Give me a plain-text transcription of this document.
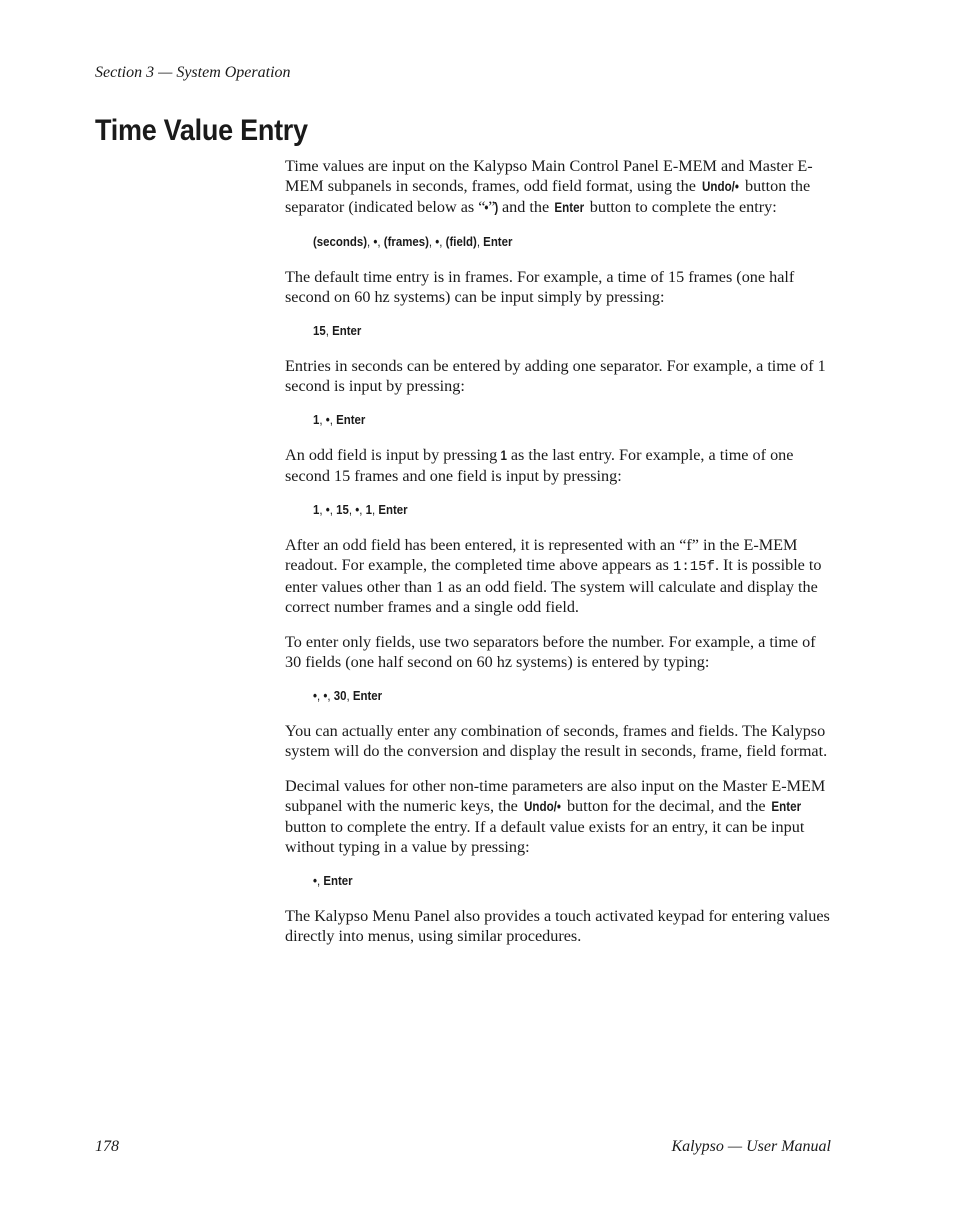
Section 3 — System Operation
Time Value Entry

Time values are input on the Kalypso Main Control Panel E-MEM and Master E-MEM subpanels in seconds, frames, odd field format, using the Undo/• button the separator (indicated below as “•”) and the Enter button to complete the entry:

(seconds), •, (frames), •, (field), Enter

The default time entry is in frames. For example, a time of 15 frames (one half second on 60 hz systems) can be input simply by pressing:

15, Enter

Entries in seconds can be entered by adding one separator. For example, a time of 1 second is input by pressing:

1, •, Enter

An odd field is input by pressing 1 as the last entry. For example, a time of one second 15 frames and one field is input by pressing:

1, •, 15, •, 1, Enter

After an odd field has been entered, it is represented with an “f” in the E-MEM readout. For example, the completed time above appears as 1:15f. It is possible to enter values other than 1 as an odd field. The system will calculate and display the correct number frames and a single odd field.

To enter only fields, use two separators before the number. For example, a time of 30 fields (one half second on 60 hz systems) is entered by typing:

•, •, 30, Enter

You can actually enter any combination of seconds, frames and fields. The Kalypso system will do the conversion and display the result in seconds, frame, field format.

Decimal values for other non-time parameters are also input on the Master E-MEM subpanel with the numeric keys, the Undo/• button for the decimal, and the Enter button to complete the entry. If a default value exists for an entry, it can be input without typing in a value by pressing:

•, Enter

The Kalypso Menu Panel also provides a touch activated keypad for entering values directly into menus, using similar procedures.

178	Kalypso — User Manual
